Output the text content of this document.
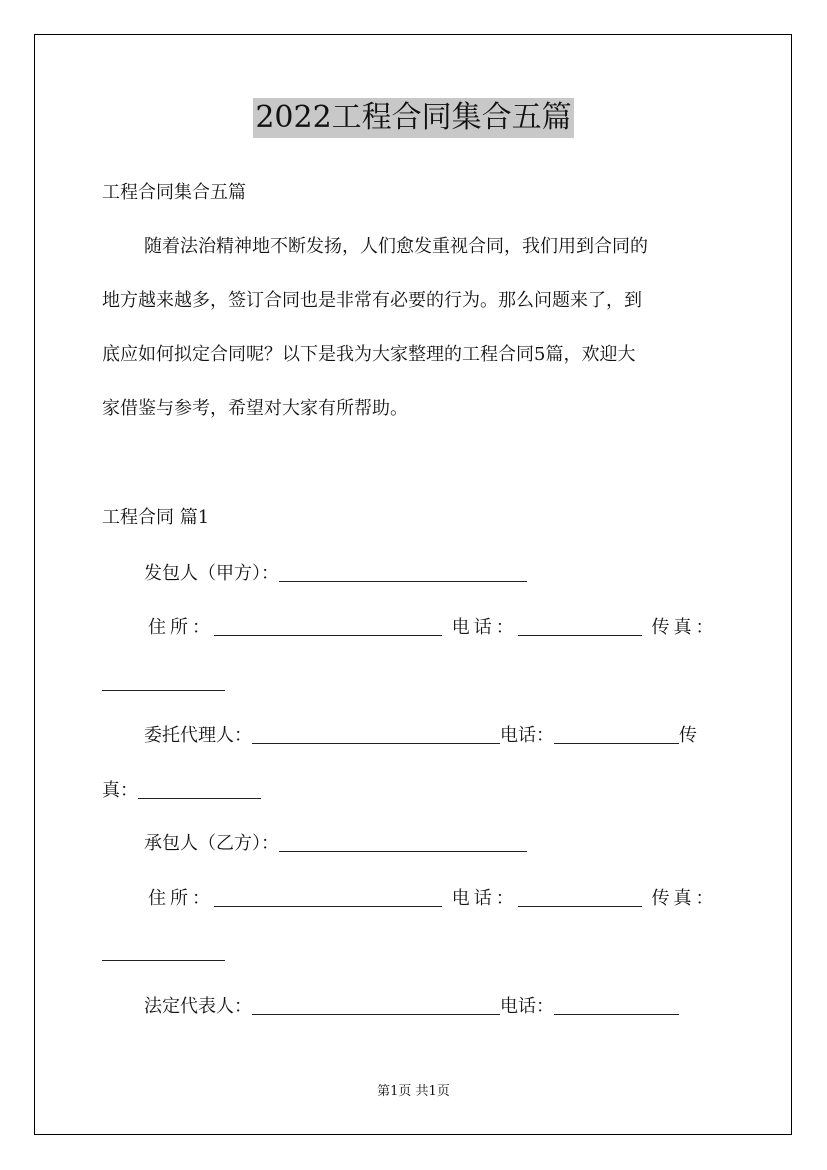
2022工程合同集合五篇
工程合同集合五篇
随着法治精神地不断发扬，人们愈发重视合同，我们用到合同的
地方越来越多，签订合同也是非常有必要的行为。那么问题来了，到
底应如何拟定合同呢？以下是我为大家整理的工程合同5篇，欢迎大
家借鉴与参考，希望对大家有所帮助。
工程合同 篇1
发包人（甲方）：
住所：	电话：	传真：
委托代理人：	电话：	传
真：
承包人（乙方）：
住所：	电话：	传真：
法定代表人：	电话：
第1页 共1页
